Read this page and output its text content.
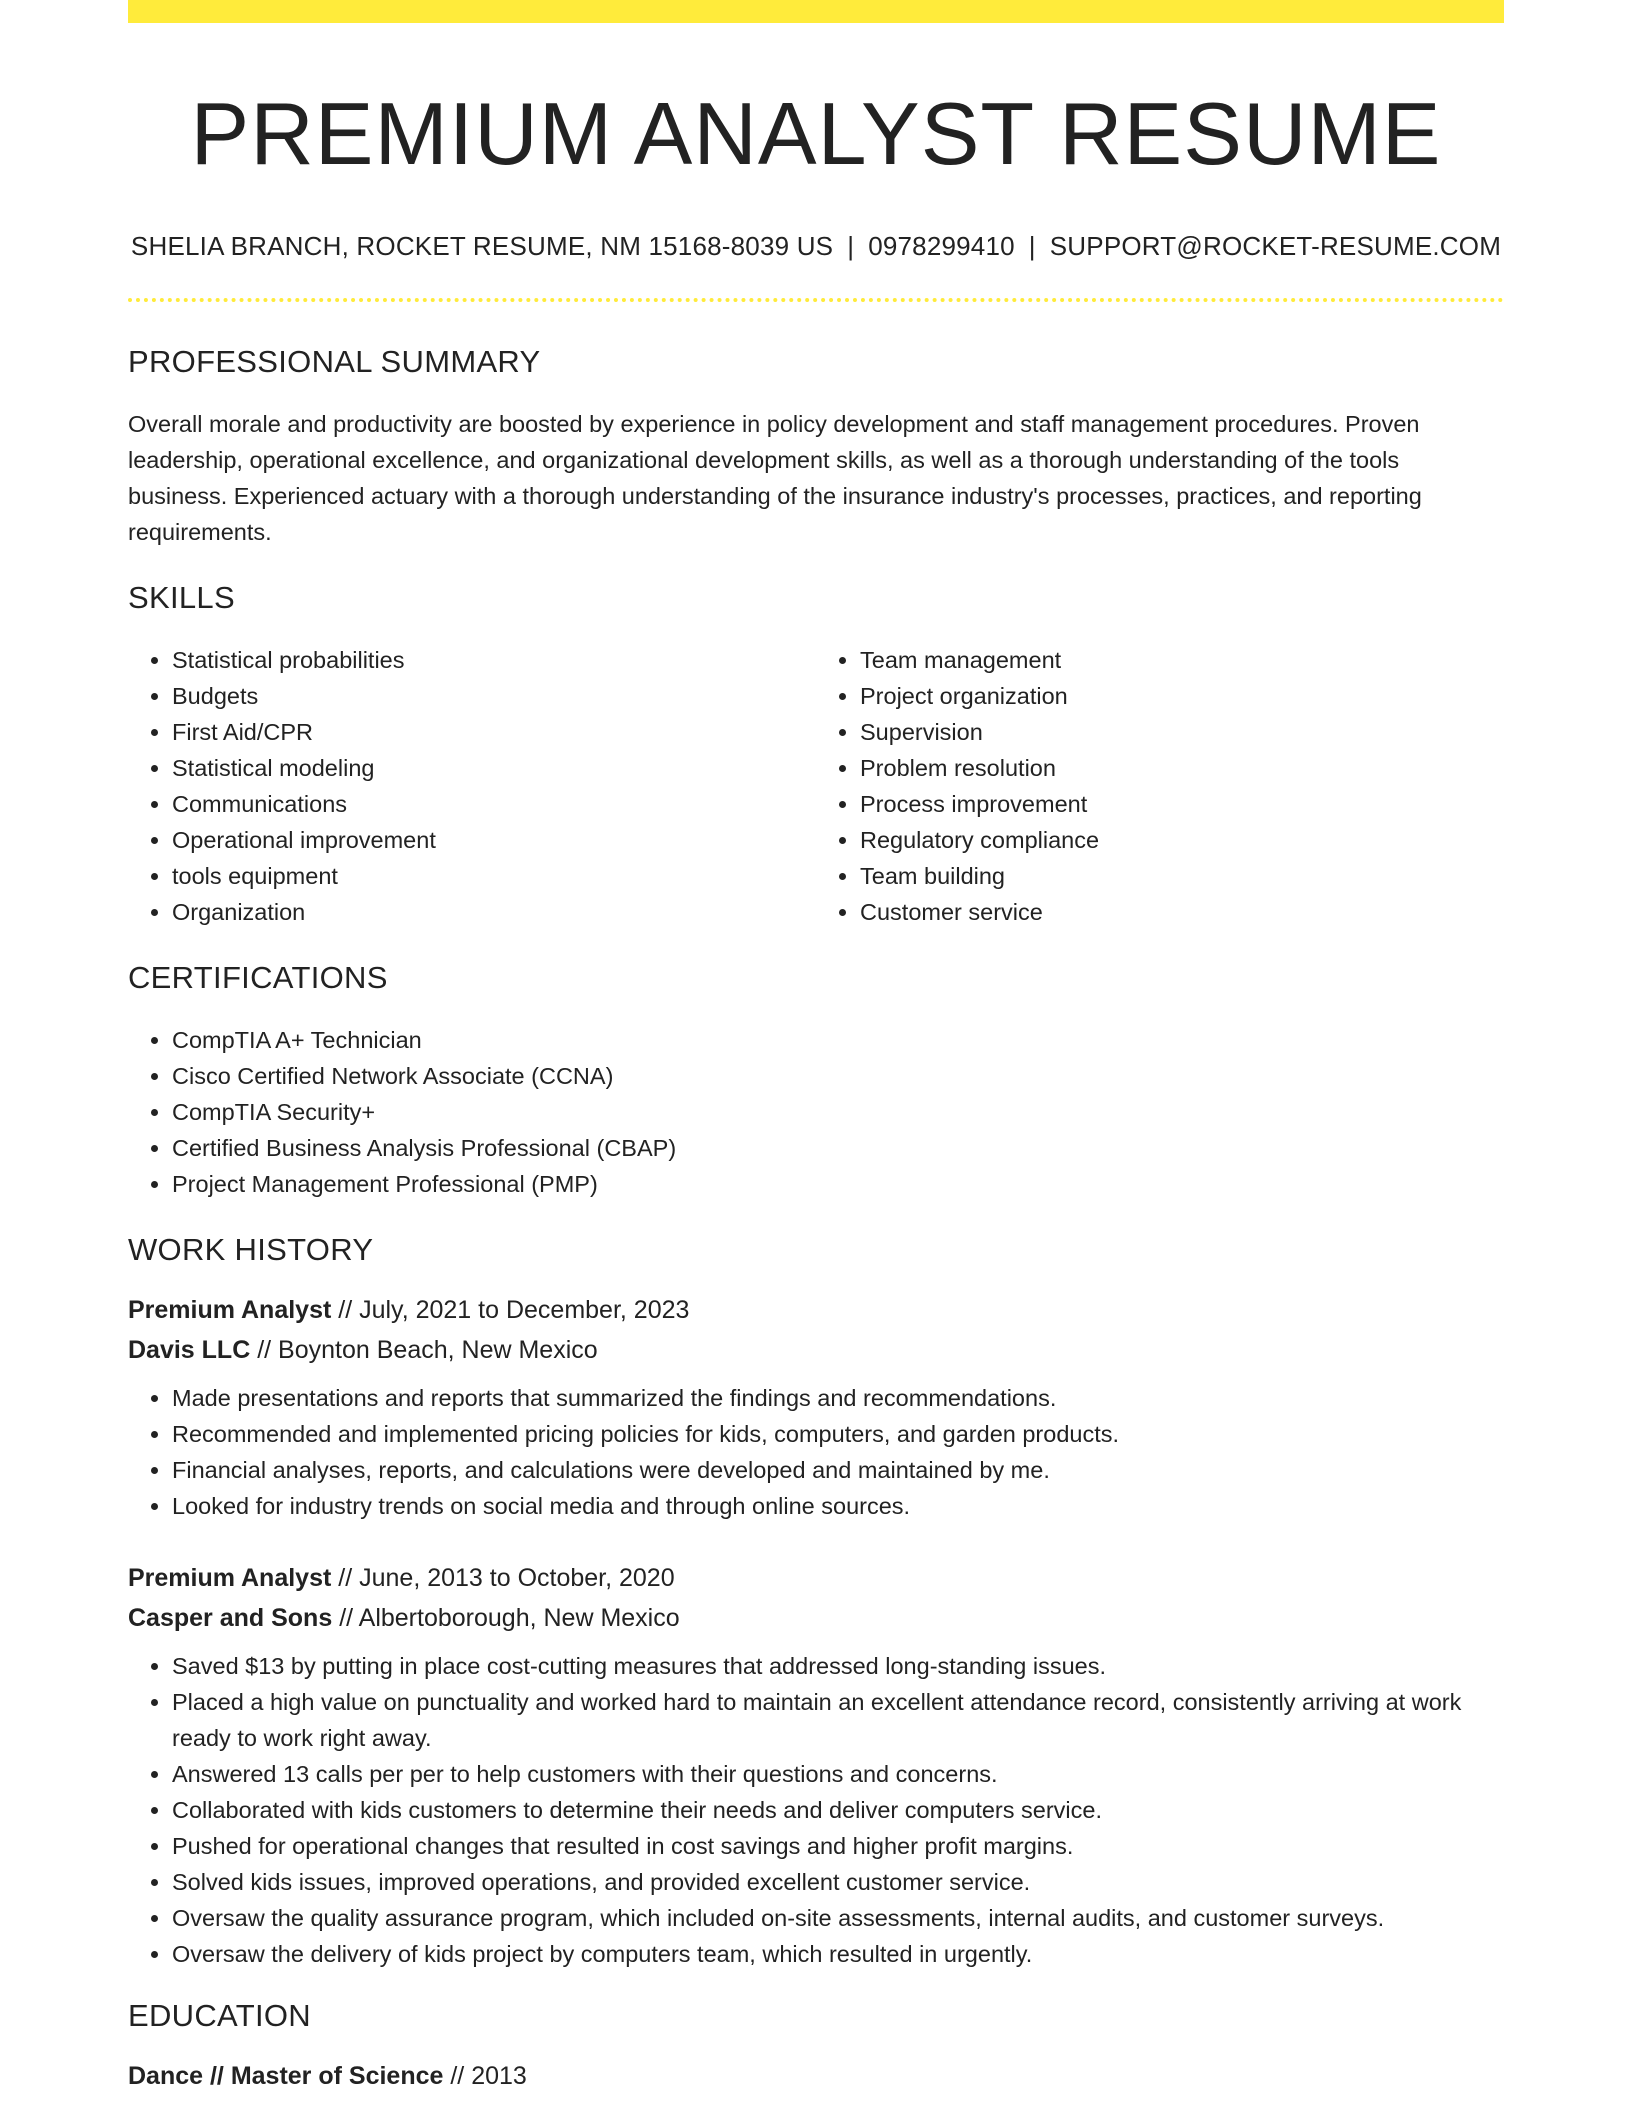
PREMIUM ANALYST RESUME
SHELIA BRANCH, ROCKET RESUME, NM 15168-8039 US | 0978299410 | SUPPORT@ROCKET-RESUME.COM
PROFESSIONAL SUMMARY

Overall morale and productivity are boosted by experience in policy development and staff management procedures. Proven leadership, operational excellence, and organizational development skills, as well as a thorough understanding of the tools business. Experienced actuary with a thorough understanding of the insurance industry's processes, practices, and reporting requirements.

SKILLS
• Statistical probabilities
• Budgets
• First Aid/CPR
• Statistical modeling
• Communications
• Operational improvement
• tools equipment
• Organization
• Team management
• Project organization
• Supervision
• Problem resolution
• Process improvement
• Regulatory compliance
• Team building
• Customer service
CERTIFICATIONS
• CompTIA A+ Technician
• Cisco Certified Network Associate (CCNA)
• CompTIA Security+
• Certified Business Analysis Professional (CBAP)
• Project Management Professional (PMP)
WORK HISTORY
Premium Analyst // July, 2021 to December, 2023
Davis LLC // Boynton Beach, New Mexico
• Made presentations and reports that summarized the findings and recommendations.
• Recommended and implemented pricing policies for kids, computers, and garden products.
• Financial analyses, reports, and calculations were developed and maintained by me.
• Looked for industry trends on social media and through online sources.
Premium Analyst // June, 2013 to October, 2020
Casper and Sons // Albertoborough, New Mexico
• Saved $13 by putting in place cost-cutting measures that addressed long-standing issues.
• Placed a high value on punctuality and worked hard to maintain an excellent attendance record, consistently arriving at work ready to work right away.
• Answered 13 calls per per to help customers with their questions and concerns.
• Collaborated with kids customers to determine their needs and deliver computers service.
• Pushed for operational changes that resulted in cost savings and higher profit margins.
• Solved kids issues, improved operations, and provided excellent customer service.
• Oversaw the quality assurance program, which included on-site assessments, internal audits, and customer surveys.
• Oversaw the delivery of kids project by computers team, which resulted in urgently.
EDUCATION
Dance // Master of Science // 2013
